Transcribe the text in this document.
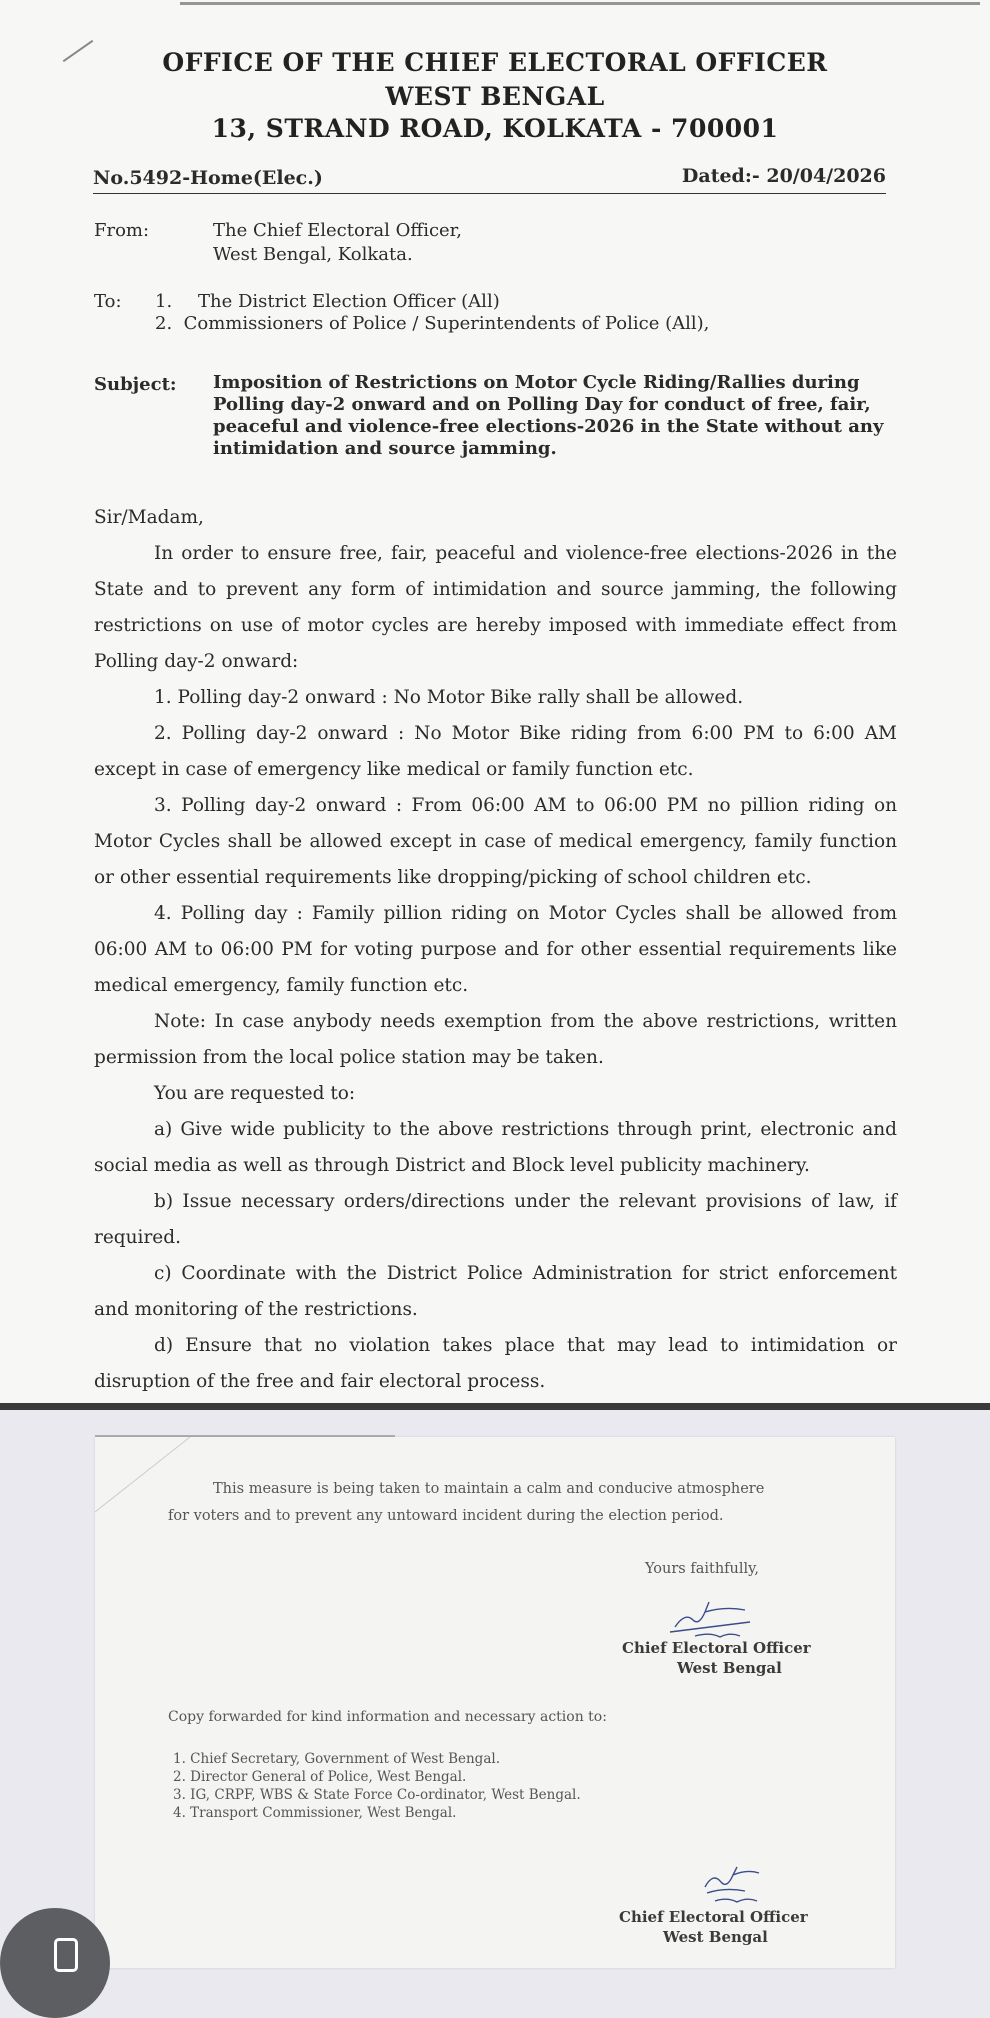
OFFICE OF THE CHIEF ELECTORAL OFFICER
WEST BENGAL
13, STRAND ROAD, KOLKATA - 700001
No.5492-Home(Elec.)	Dated:- 20/04/2026
From:	The Chief Electoral Officer,
West Bengal, Kolkata.
To: 1. The District Election Officer (All)
2.  Commissioners of Police / Superintendents of Police (All),
Subject: Imposition of Restrictions on Motor Cycle Riding/Rallies during Polling day-2 onward and on Polling Day for conduct of free, fair, peaceful and violence-free elections-2026 in the State without any intimidation and source jamming.

Sir/Madam,

In order to ensure free, fair, peaceful and violence-free elections-2026 in the State and to prevent any form of intimidation and source jamming, the following restrictions on use of motor cycles are hereby imposed with immediate effect from Polling day-2 onward:

1. Polling day-2 onward : No Motor Bike rally shall be allowed.

2. Polling day-2 onward : No Motor Bike riding from 6:00 PM to 6:00 AM except in case of emergency like medical or family function etc.

3. Polling day-2 onward : From 06:00 AM to 06:00 PM no pillion riding on Motor Cycles shall be allowed except in case of medical emergency, family function or other essential requirements like dropping/picking of school children etc.

4. Polling day : Family pillion riding on Motor Cycles shall be allowed from 06:00 AM to 06:00 PM for voting purpose and for other essential requirements like medical emergency, family function etc.

Note: In case anybody needs exemption from the above restrictions, written permission from the local police station may be taken.

You are requested to:

a) Give wide publicity to the above restrictions through print, electronic and social media as well as through District and Block level publicity machinery.

b) Issue necessary orders/directions under the relevant provisions of law, if required.

c) Coordinate with the District Police Administration for strict enforcement and monitoring of the restrictions.

d) Ensure that no violation takes place that may lead to intimidation or disruption of the free and fair electoral process.

This measure is being taken to maintain a calm and conducive atmosphere
for voters and to prevent any untoward incident during the election period.
Yours faithfully,
Chief Electoral Officer
West Bengal
Copy forwarded for kind information and necessary action to:
1. Chief Secretary, Government of West Bengal.
2. Director General of Police, West Bengal.
3. IG, CRPF, WBS & State Force Co-ordinator, West Bengal.
4. Transport Commissioner, West Bengal.
Chief Electoral Officer
West Bengal
